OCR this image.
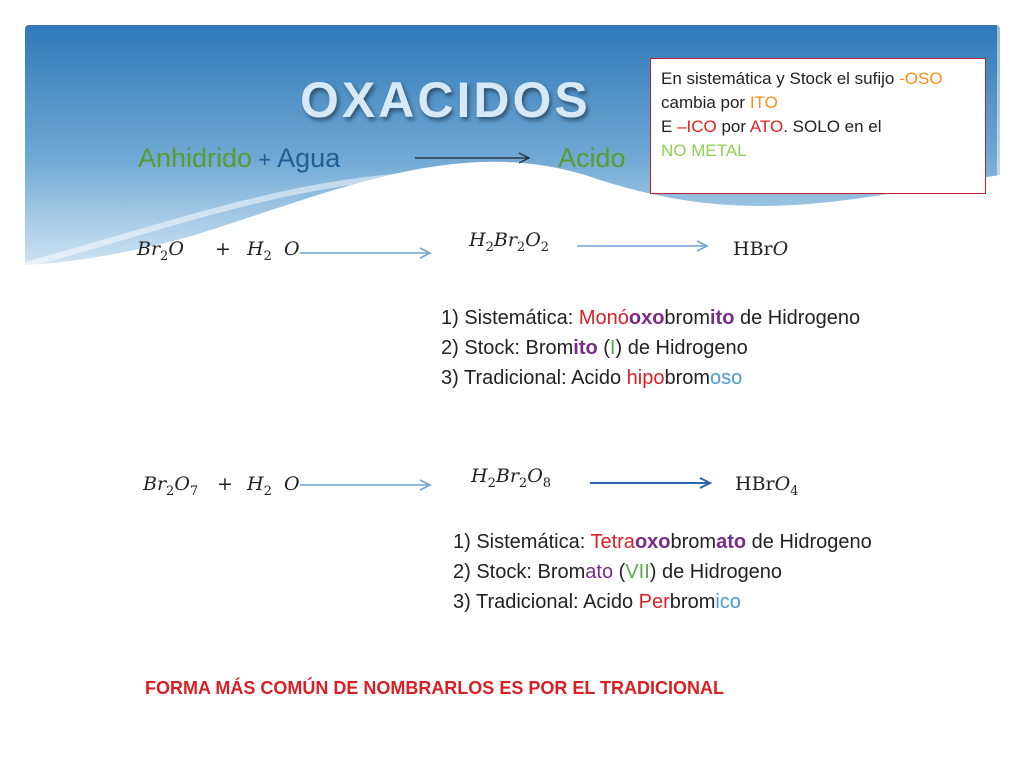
OXACIDOS
Anhidrido + Agua	Acido
En sistemática y Stock el sufijo -OSO cambia por ITO
E –ICO por ATO. SOLO en el
NO METAL
$Br_2O + H_2$ O	$H_2Br_2O_2$	HBrO
1) Sistemática: Monóoxobromito de Hidrogeno
2) Stock: Bromito (I) de Hidrogeno
3) Tradicional: Acido hipobromoso
$Br_2O_7 + H_2$ O	$H_2Br_2O_8$	HBrO$_4$
1) Sistemática: Tetraoxobromato de Hidrogeno
2) Stock: Bromato (VII) de Hidrogeno
3) Tradicional: Acido Perbromico
FORMA MÁS COMÚN DE NOMBRARLOS ES POR EL TRADICIONAL
